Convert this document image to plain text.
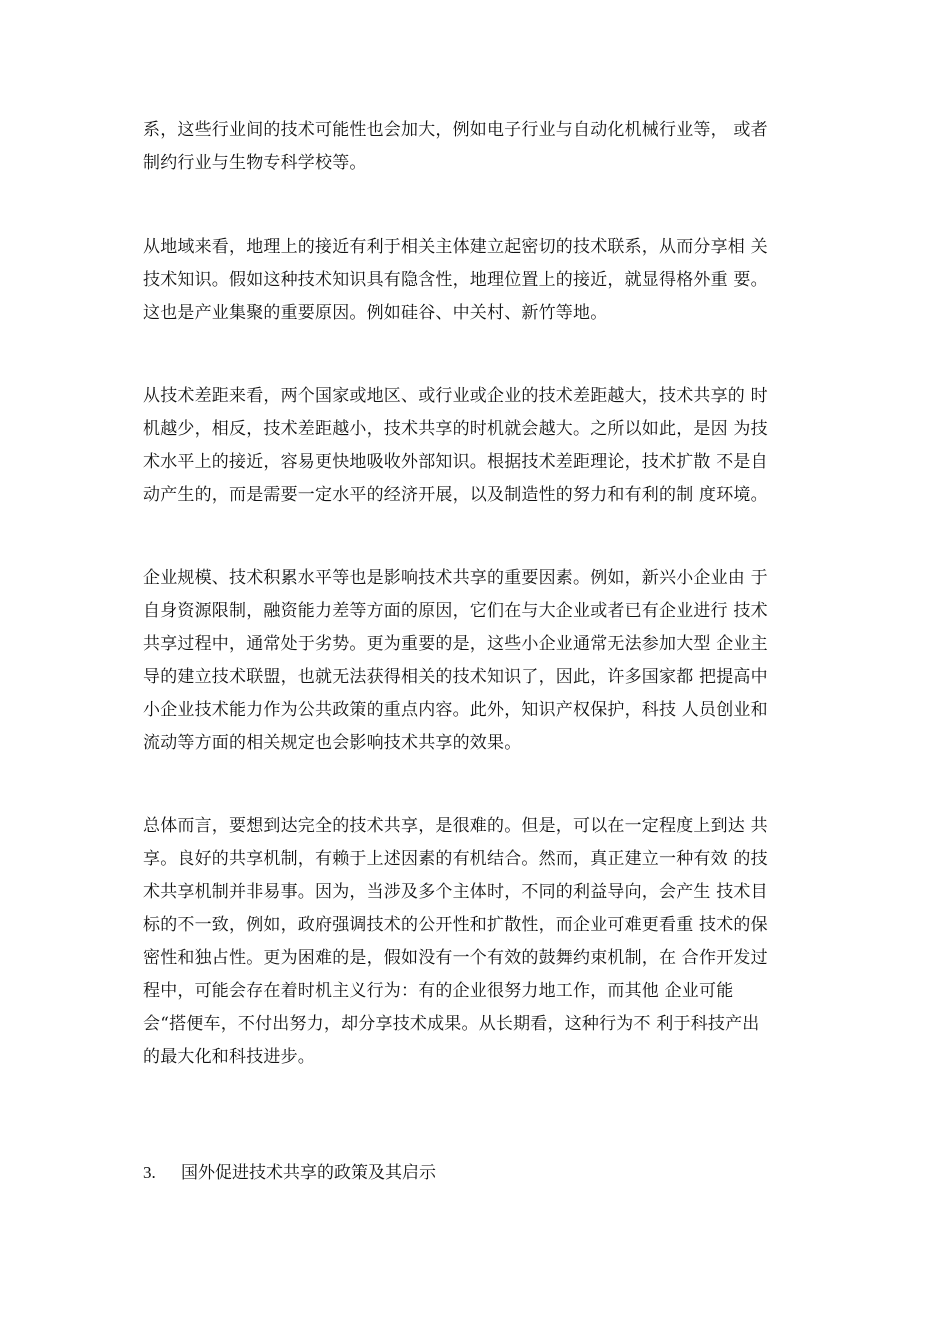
系，这些行业间的技术可能性也会加大，例如电子行业与自动化机械行业等， 或者
制约行业与生物专科学校等。
从地域来看，地理上的接近有利于相关主体建立起密切的技术联系，从而分享相 关
技术知识。假如这种技术知识具有隐含性，地理位置上的接近，就显得格外重 要。
这也是产业集聚的重要原因。例如硅谷、中关村、新竹等地。
从技术差距来看，两个国家或地区、或行业或企业的技术差距越大，技术共享的 时
机越少，相反，技术差距越小，技术共享的时机就会越大。之所以如此，是因 为技
术水平上的接近，容易更快地吸收外部知识。根据技术差距理论，技术扩散 不是自
动产生的，而是需要一定水平的经济开展，以及制造性的努力和有利的制 度环境。
企业规模、技术积累水平等也是影响技术共享的重要因素。例如，新兴小企业由 于
自身资源限制，融资能力差等方面的原因，它们在与大企业或者已有企业进行 技术
共享过程中，通常处于劣势。更为重要的是，这些小企业通常无法参加大型 企业主
导的建立技术联盟，也就无法获得相关的技术知识了，因此，许多国家都 把提高中
小企业技术能力作为公共政策的重点内容。此外，知识产权保护，科技 人员创业和
流动等方面的相关规定也会影响技术共享的效果。
总体而言，要想到达完全的技术共享，是很难的。但是，可以在一定程度上到达 共
享。良好的共享机制，有赖于上述因素的有机结合。然而，真正建立一种有效 的技
术共享机制并非易事。因为，当涉及多个主体时，不同的利益导向，会产生 技术目
标的不一致，例如，政府强调技术的公开性和扩散性，而企业可难更看重 技术的保
密性和独占性。更为困难的是，假如没有一个有效的鼓舞约束机制，在 合作开发过
程中，可能会存在着时机主义行为：有的企业很努力地工作，而其他 企业可能
会“搭便车，不付出努力，却分享技术成果。从长期看，这种行为不 利于科技产出
的最大化和科技进步。
3. 国外促进技术共享的政策及其启示
